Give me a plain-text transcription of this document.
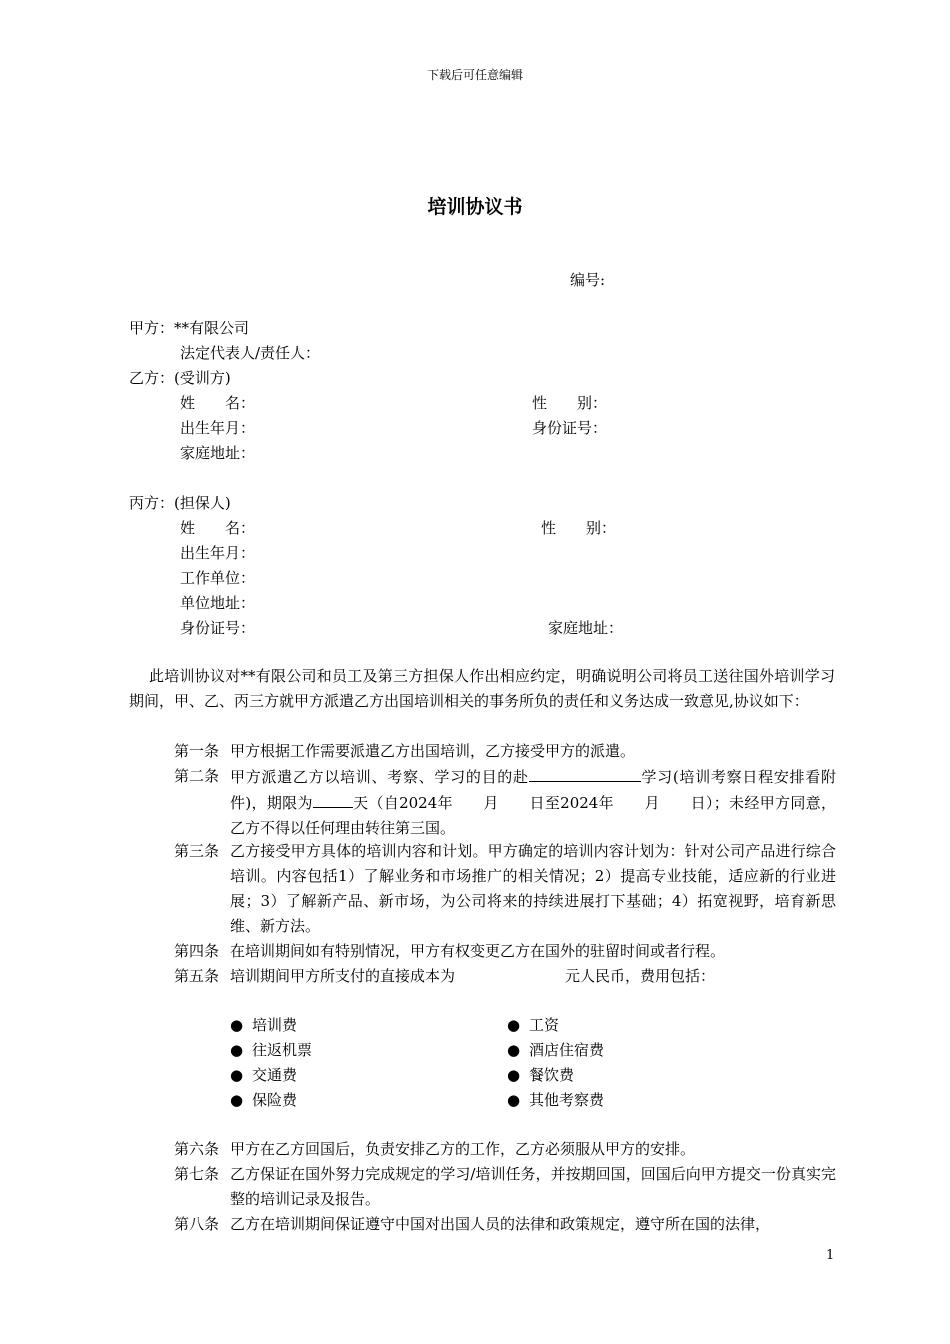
下载后可任意编辑
培训协议书
编号:
甲方：**有限公司
法定代表人/责任人：
乙方：(受训方)
姓　　名：	性　　别：
出生年月：	身份证号：
家庭地址：
丙方：(担保人)
姓　　名：	性　　别：
出生年月：
工作单位：
单位地址：
身份证号：	家庭地址：

此培训协议对**有限公司和员工及第三方担保人作出相应约定，明确说明公司将员工送往国外培训学习期间，甲、乙、丙三方就甲方派遣乙方出国培训相关的事务所负的责任和义务达成一致意见,协议如下：

第一条 甲方根据工作需要派遣乙方出国培训，乙方接受甲方的派遣。
第二条 甲方派遣乙方以培训、考察、学习的目的赴	学习(培训考察日程安排看附件)，期限为	天（自2024年　　月　　日至2024年　　月　　日）；未经甲方同意，乙方不得以任何理由转往第三国。
第三条 乙方接受甲方具体的培训内容和计划。甲方确定的培训内容计划为：针对公司产品进行综合培训。内容包括1）了解业务和市场推广的相关情况；2）提高专业技能，适应新的行业进展；3）了解新产品、新市场，为公司将来的持续进展打下基础；4）拓宽视野，培育新思维、新方法。
第四条 在培训期间如有特别情况，甲方有权变更乙方在国外的驻留时间或者行程。
第五条 培训期间甲方所支付的直接成本为	元人民币，费用包括：
● 培训费
● 往返机票
● 交通费
● 保险费
● 工资
● 酒店住宿费
● 餐饮费
● 其他考察费
第六条 甲方在乙方回国后，负责安排乙方的工作，乙方必须服从甲方的安排。
第七条 乙方保证在国外努力完成规定的学习/培训任务，并按期回国，回国后向甲方提交一份真实完整的培训记录及报告。
第八条 乙方在培训期间保证遵守中国对出国人员的法律和政策规定，遵守所在国的法律，
1
